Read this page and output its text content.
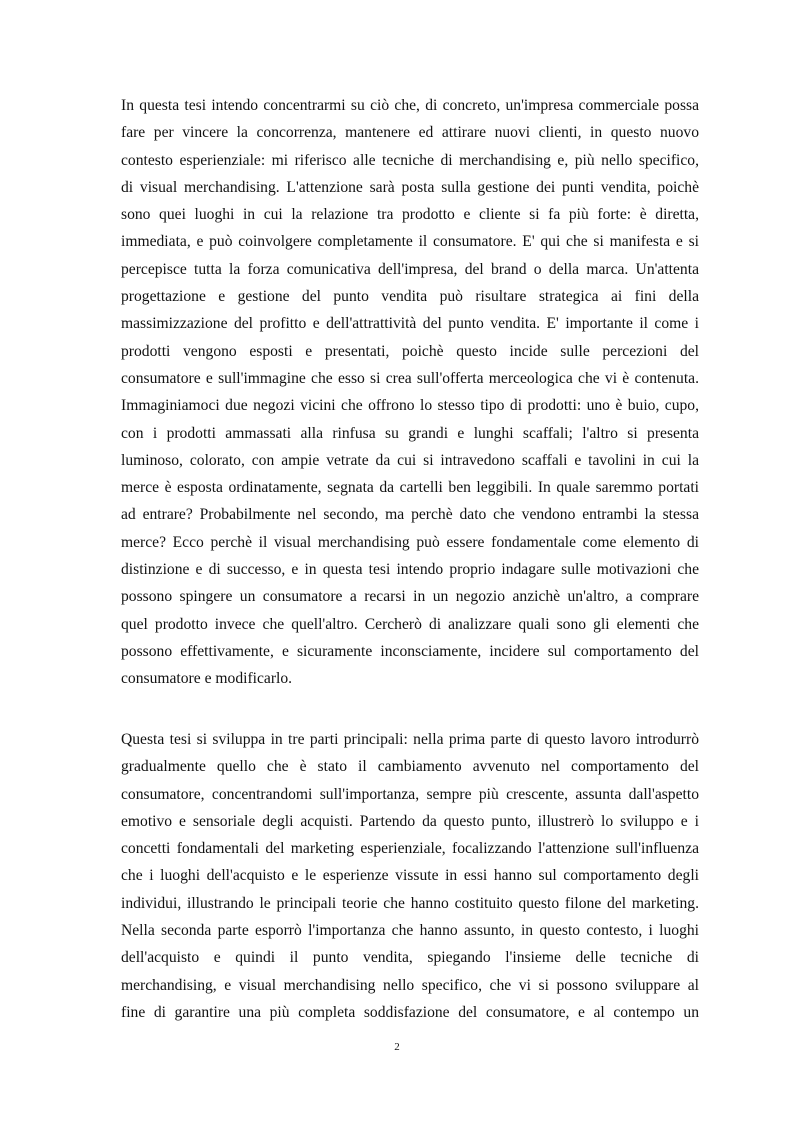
In questa tesi intendo concentrarmi su ciò che, di concreto, un'impresa commerciale possa
fare per vincere la concorrenza, mantenere ed attirare nuovi clienti, in questo nuovo
contesto esperienziale: mi riferisco alle tecniche di merchandising e, più nello specifico,
di visual merchandising. L'attenzione sarà posta sulla gestione dei punti vendita, poichè
sono quei luoghi in cui la relazione tra prodotto e cliente si fa più forte: è diretta,
immediata, e può coinvolgere completamente il consumatore. E' qui che si manifesta e si
percepisce tutta la forza comunicativa dell'impresa, del brand o della marca. Un'attenta
progettazione e gestione del punto vendita può risultare strategica ai fini della
massimizzazione del profitto e dell'attrattività del punto vendita. E' importante il come i
prodotti vengono esposti e presentati, poichè questo incide sulle percezioni del
consumatore e sull'immagine che esso si crea sull'offerta merceologica che vi è contenuta.
Immaginiamoci due negozi vicini che offrono lo stesso tipo di prodotti: uno è buio, cupo,
con i prodotti ammassati alla rinfusa su grandi e lunghi scaffali; l'altro si presenta
luminoso, colorato, con ampie vetrate da cui si intravedono scaffali e tavolini in cui la
merce è esposta ordinatamente, segnata da cartelli ben leggibili. In quale saremmo portati
ad entrare? Probabilmente nel secondo, ma perchè dato che vendono entrambi la stessa
merce? Ecco perchè il visual merchandising può essere fondamentale come elemento di
distinzione e di successo, e in questa tesi intendo proprio indagare sulle motivazioni che
possono spingere un consumatore a recarsi in un negozio anzichè un'altro, a comprare
quel prodotto invece che quell'altro. Cercherò di analizzare quali sono gli elementi che
possono effettivamente, e sicuramente inconsciamente, incidere sul comportamento del
consumatore e modificarlo.
Questa tesi si sviluppa in tre parti principali: nella prima parte di questo lavoro introdurrò
gradualmente quello che è stato il cambiamento avvenuto nel comportamento del
consumatore, concentrandomi sull'importanza, sempre più crescente, assunta dall'aspetto
emotivo e sensoriale degli acquisti. Partendo da questo punto, illustrerò lo sviluppo e i
concetti fondamentali del marketing esperienziale, focalizzando l'attenzione sull'influenza
che i luoghi dell'acquisto e le esperienze vissute in essi hanno sul comportamento degli
individui, illustrando le principali teorie che hanno costituito questo filone del marketing.
Nella seconda parte esporrò l'importanza che hanno assunto, in questo contesto, i luoghi
dell'acquisto e quindi il punto vendita, spiegando l'insieme delle tecniche di
merchandising, e visual merchandising nello specifico, che vi si possono sviluppare al
fine di garantire una più completa soddisfazione del consumatore, e al contempo un
2
